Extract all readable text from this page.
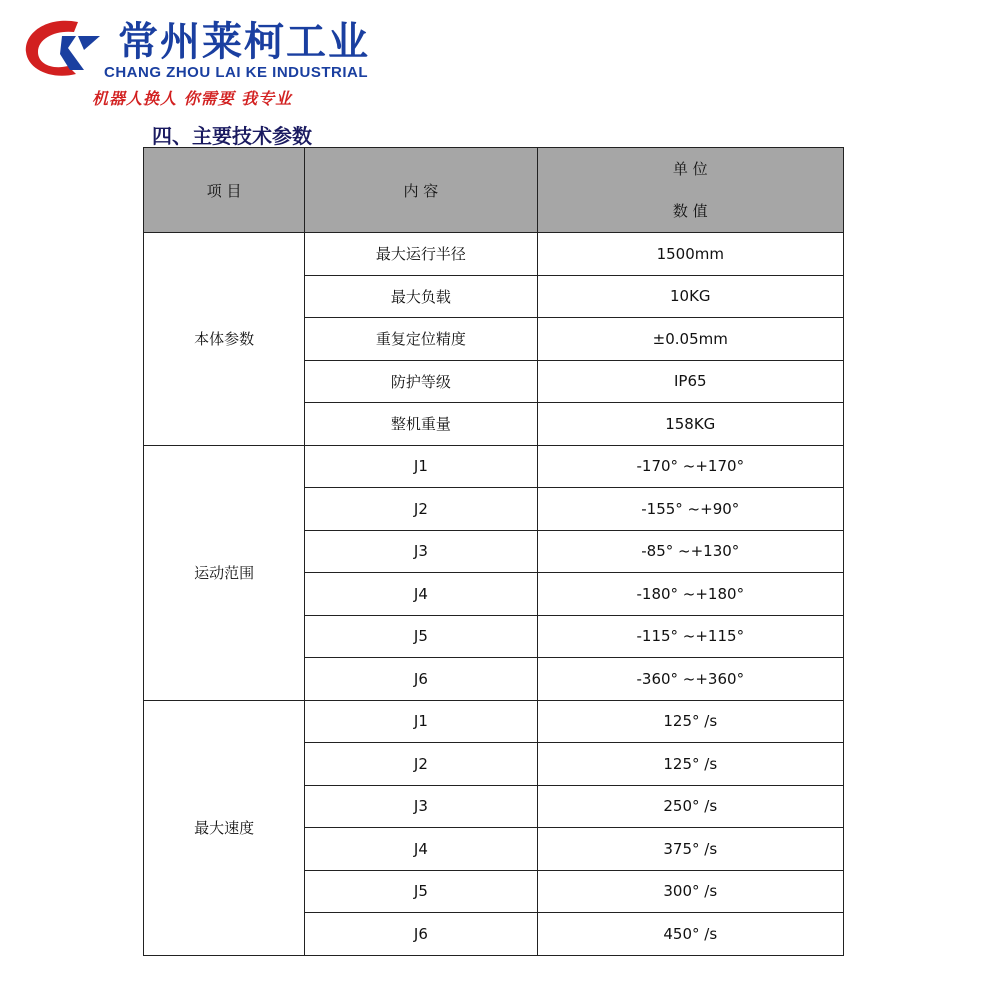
常州莱柯工业
CHANG ZHOU LAI KE INDUSTRIAL
机器人换人 你需要 我专业
四、主要技术参数
项 目	内 容	单 位
数 值

本体参数	最大运行半径	1500mm
	最大负载	10KG
	重复定位精度	±0.05mm
	防护等级	IP65
	整机重量	158KG
运动范围	J1	-170° ~+170°
	J2	-155° ~+90°
	J3	-85° ~+130°
	J4	-180° ~+180°
	J5	-115° ~+115°
	J6	-360° ~+360°
最大速度	J1	125° /s
	J2	125° /s
	J3	250° /s
	J4	375° /s
	J5	300° /s
	J6	450° /s
